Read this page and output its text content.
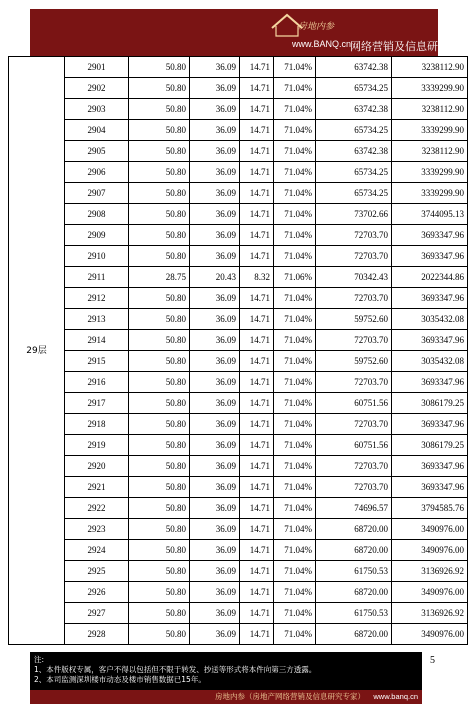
房地内参
www.BANQ.cn
网络营销及信息研究专家
29层	2901	50.80	36.09	14.71	71.04%	63742.38	3238112.90
	2902	50.80	36.09	14.71	71.04%	65734.25	3339299.90
	2903	50.80	36.09	14.71	71.04%	63742.38	3238112.90
	2904	50.80	36.09	14.71	71.04%	65734.25	3339299.90
	2905	50.80	36.09	14.71	71.04%	63742.38	3238112.90
	2906	50.80	36.09	14.71	71.04%	65734.25	3339299.90
	2907	50.80	36.09	14.71	71.04%	65734.25	3339299.90
	2908	50.80	36.09	14.71	71.04%	73702.66	3744095.13
	2909	50.80	36.09	14.71	71.04%	72703.70	3693347.96
	2910	50.80	36.09	14.71	71.04%	72703.70	3693347.96
	2911	28.75	20.43	8.32	71.06%	70342.43	2022344.86
	2912	50.80	36.09	14.71	71.04%	72703.70	3693347.96
	2913	50.80	36.09	14.71	71.04%	59752.60	3035432.08
	2914	50.80	36.09	14.71	71.04%	72703.70	3693347.96
	2915	50.80	36.09	14.71	71.04%	59752.60	3035432.08
	2916	50.80	36.09	14.71	71.04%	72703.70	3693347.96
	2917	50.80	36.09	14.71	71.04%	60751.56	3086179.25
	2918	50.80	36.09	14.71	71.04%	72703.70	3693347.96
	2919	50.80	36.09	14.71	71.04%	60751.56	3086179.25
	2920	50.80	36.09	14.71	71.04%	72703.70	3693347.96
	2921	50.80	36.09	14.71	71.04%	72703.70	3693347.96
	2922	50.80	36.09	14.71	71.04%	74696.57	3794585.76
	2923	50.80	36.09	14.71	71.04%	68720.00	3490976.00
	2924	50.80	36.09	14.71	71.04%	68720.00	3490976.00
	2925	50.80	36.09	14.71	71.04%	61750.53	3136926.92
	2926	50.80	36.09	14.71	71.04%	68720.00	3490976.00
	2927	50.80	36.09	14.71	71.04%	61750.53	3136926.92
	2928	50.80	36.09	14.71	71.04%	68720.00	3490976.00
注:
1、本件版权专属，客户不得以包括但不限于转发、抄送等形式将本件向第三方透露。
2、本司监测深圳楼市动态及楼市销售数据已15年。
5
房地内参（房地产网络营销及信息研究专家） www.banq.cn
